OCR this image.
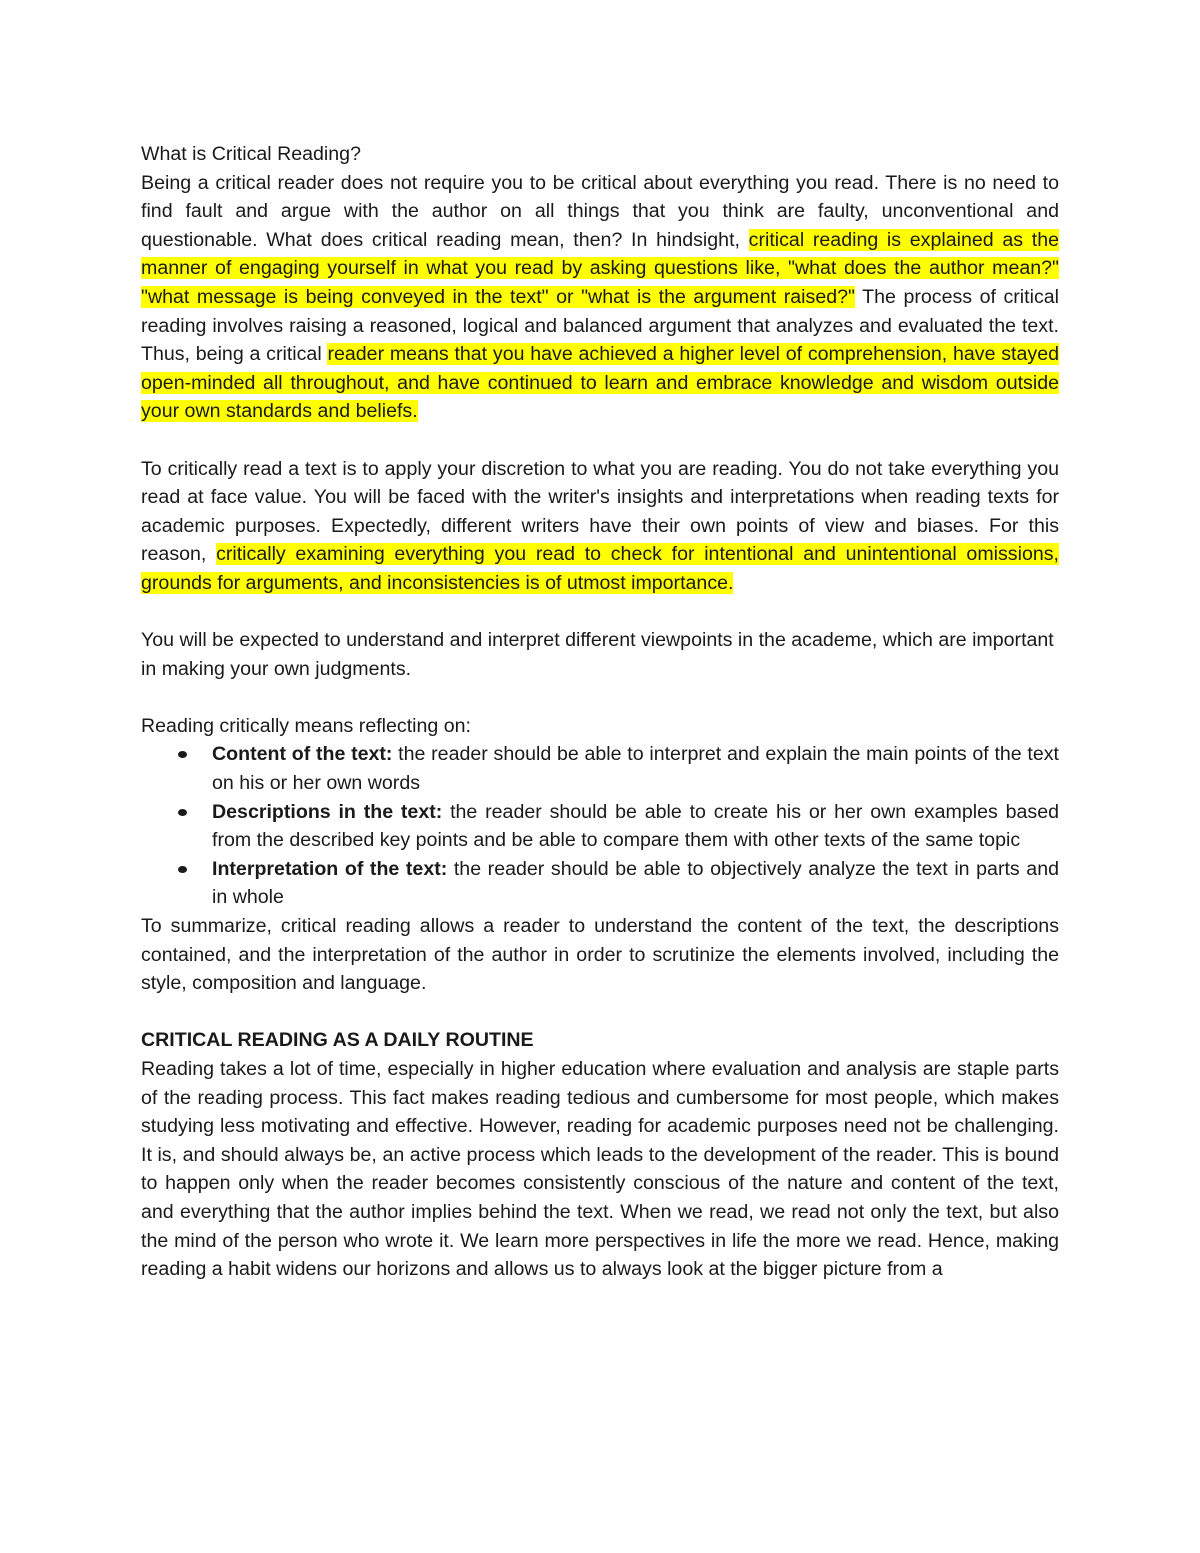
What is Critical Reading?

Being a critical reader does not require you to be critical about everything you read. There is no need to find fault and argue with the author on all things that you think are faulty, unconventional and questionable. What does critical reading mean, then? In hindsight, critical reading is explained as the manner of engaging yourself in what you read by asking questions like, "what does the author mean?" "what message is being conveyed in the text" or "what is the argument raised?" The process of critical reading involves raising a reasoned, logical and balanced argument that analyzes and evaluated the text. Thus, being a critical reader means that you have achieved a higher level of comprehension, have stayed open-minded all throughout, and have continued to learn and embrace knowledge and wisdom outside your own standards and beliefs.

To critically read a text is to apply your discretion to what you are reading. You do not take everything you read at face value. You will be faced with the writer's insights and interpretations when reading texts for academic purposes. Expectedly, different writers have their own points of view and biases. For this reason, critically examining everything you read to check for intentional and unintentional omissions, grounds for arguments, and inconsistencies is of utmost importance.

You will be expected to understand and interpret different viewpoints in the academe, which are important in making your own judgments.

Reading critically means reflecting on:

Content of the text: the reader should be able to interpret and explain the main points of the text on his or her own words
Descriptions in the text: the reader should be able to create his or her own examples based from the described key points and be able to compare them with other texts of the same topic
Interpretation of the text: the reader should be able to objectively analyze the text in parts and in whole

To summarize, critical reading allows a reader to understand the content of the text, the descriptions contained, and the interpretation of the author in order to scrutinize the elements involved, including the style, composition and language.

CRITICAL READING AS A DAILY ROUTINE

Reading takes a lot of time, especially in higher education where evaluation and analysis are staple parts of the reading process. This fact makes reading tedious and cumbersome for most people, which makes studying less motivating and effective. However, reading for academic purposes need not be challenging. It is, and should always be, an active process which leads to the development of the reader. This is bound to happen only when the reader becomes consistently conscious of the nature and content of the text, and everything that the author implies behind the text. When we read, we read not only the text, but also the mind of the person who wrote it. We learn more perspectives in life the more we read. Hence, making reading a habit widens our horizons and allows us to always look at the bigger picture from a
